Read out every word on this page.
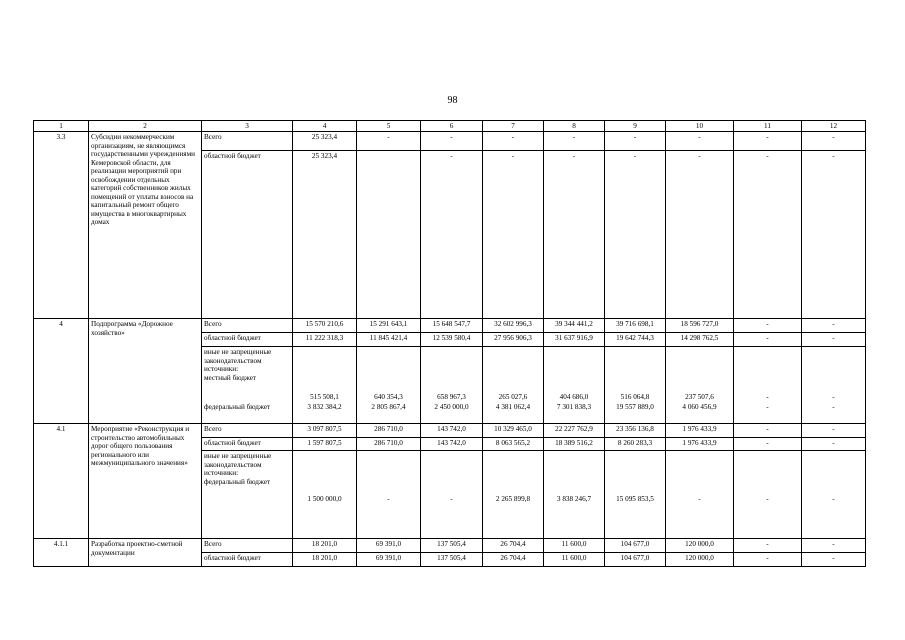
98
1	2	3	4	5	6	7	8	9	10	11	12
3.3	Субсидии некоммерческим организациям, не являющимся государственными учреждениями Кемеровской области, для реализации мероприятий при освобождении отдельных категорий собственников жилых помещений от уплаты взносов на капитальный ремонт общего имущества в многоквартирных домах	Всего	25 323,4	-	-	-	-	-	-	-	-
		областной бюджет	25 323,4		-	-	-	-	-	-	-
4	Подпрограмма «Дорожное хозяйство»	Всего	15 570 210,6	15 291 643,1	15 648 547,7	32 602 996,3	39 344 441,2	39 716 698,1	18 596 727,0	-	-
		областной бюджет	11 222 318,3	11 845 421,4	12 539 580,4	27 956 906,3	31 637 916,9	19 642 744,3	14 298 762,5	-	-

		иные не запрещенные законодательством источники:
местный бюджет	515 508,1	640 354,3	658 967,3	265 027,6	404 686,0	516 064,8	237 507,6	-	-
		федеральный бюджет	3 832 384,2	2 805 867,4	2 450 000,0	4 381 062,4	7 301 838,3	19 557 889,0	4 060 456,9	-	-
4.1	Мероприятие «Реконструкция и строительство автомобильных дорог общего пользования регионального или межмуниципального значения»	Всего	3 097 807,5	286 710,0	143 742,0	10 329 465,0	22 227 762,9	23 356 136,8	1 976 433,9	-	-
		областной бюджет	1 597 807,5	286 710,0	143 742,0	8 063 565,2	18 389 516,2	8 260 283,3	1 976 433,9	-	-

		иные не запрещенные законодательством источники:
федеральный бюджет	1 500 000,0	-	-	2 265 899,8	3 838 246,7	15 095 853,5	-	-	-
4.1.1	Разработка проектно-сметной документации	Всего	18 201,0	69 391,0	137 505,4	26 704,4	11 600,0	104 677,0	120 000,0	-	-
		областной бюджет	18 201,0	69 391,0	137 505,4	26 704,4	11 600,0	104 677,0	120 000,0	-	-
